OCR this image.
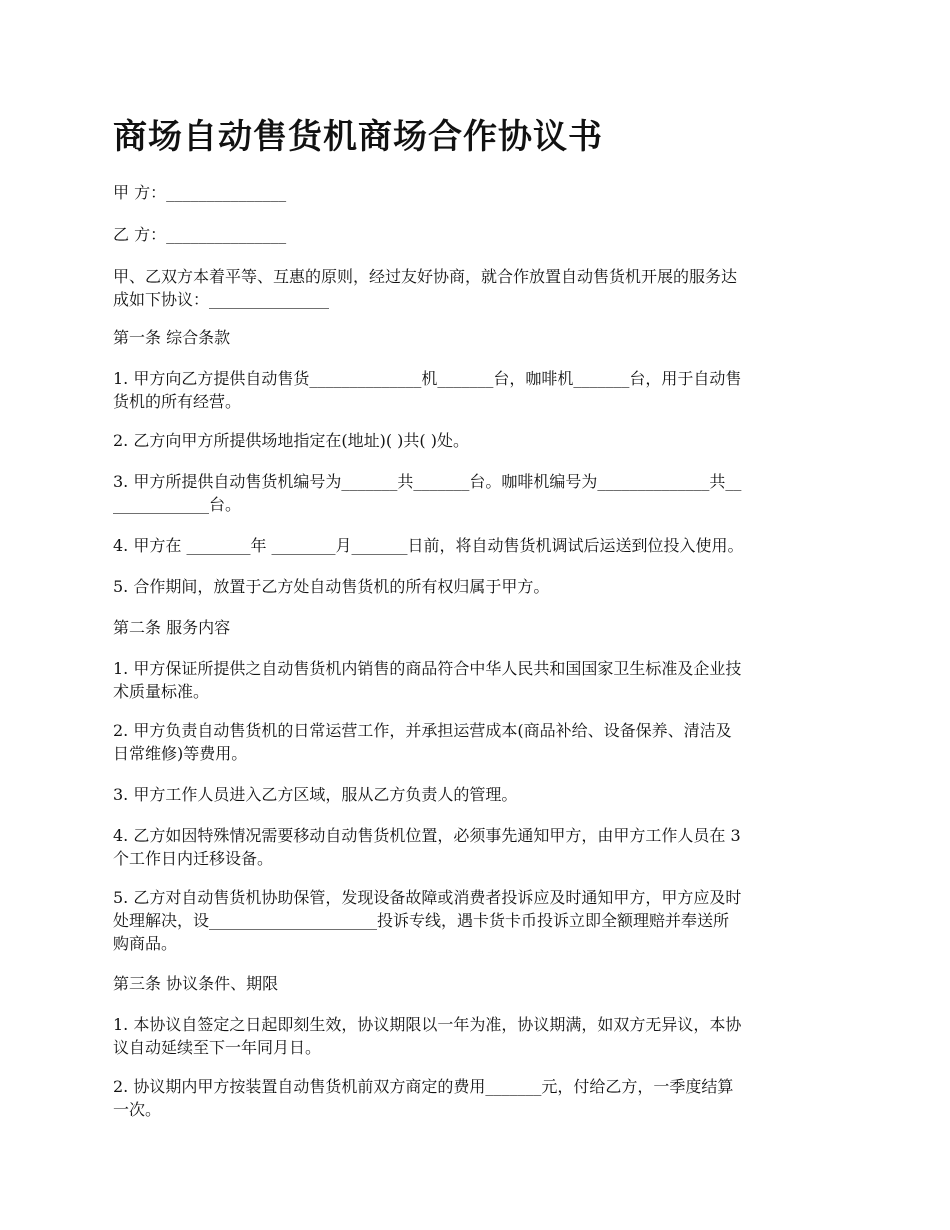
商场自动售货机商场合作协议书

甲 方：_______________

乙 方：_______________

甲、乙双方本着平等、互惠的原则，经过友好协商，就合作放置自动售货机开展的服务达

成如下协议：_______________

第一条 综合条款

1. 甲方向乙方提供自动售货______________机_______台，咖啡机_______台，用于自动售

货机的所有经营。

2. 乙方向甲方所提供场地指定在(地址)( )共( )处。

3. 甲方所提供自动售货机编号为_______共_______台。咖啡机编号为______________共__

____________台。

4. 甲方在 ________年 ________月_______日前，将自动售货机调试后运送到位投入使用。

5. 合作期间，放置于乙方处自动售货机的所有权归属于甲方。

第二条 服务内容

1. 甲方保证所提供之自动售货机内销售的商品符合中华人民共和国国家卫生标准及企业技

术质量标准。

2. 甲方负责自动售货机的日常运营工作，并承担运营成本(商品补给、设备保养、清洁及

日常维修)等费用。

3. 甲方工作人员进入乙方区域，服从乙方负责人的管理。

4. 乙方如因特殊情况需要移动自动售货机位置，必须事先通知甲方，由甲方工作人员在 3

个工作日内迁移设备。

5. 乙方对自动售货机协助保管，发现设备故障或消费者投诉应及时通知甲方，甲方应及时

处理解决，设_____________________投诉专线，遇卡货卡币投诉立即全额理赔并奉送所

购商品。

第三条 协议条件、期限

1. 本协议自签定之日起即刻生效，协议期限以一年为准，协议期满，如双方无异议，本协

议自动延续至下一年同月日。

2. 协议期内甲方按装置自动售货机前双方商定的费用_______元，付给乙方，一季度结算

一次。
